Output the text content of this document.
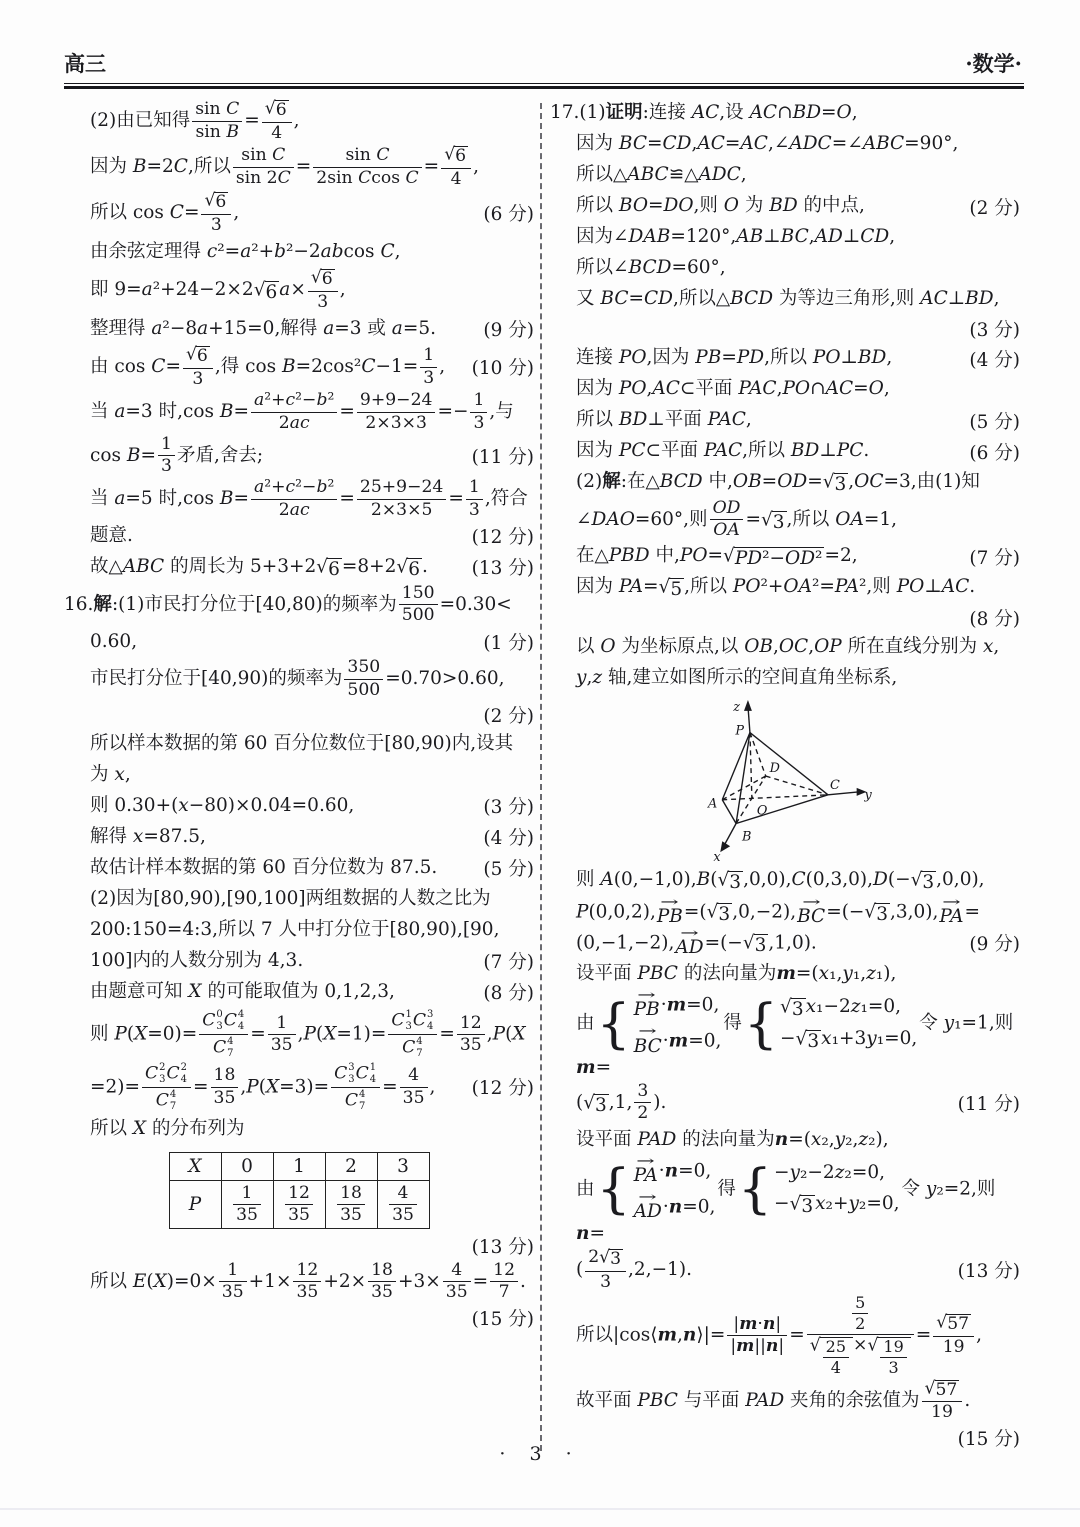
高三	·数学·
(2)由已知得 $\frac{\text{sin C}}{\text{sin B}} = \frac{√ 6}{4}$ ,
因为 B=2C,所以 $\frac{\text{sin C}}{\sin 2C} = \frac{\text{sin C}}{\text{2sin Ccos C}} = \frac{√ 6}{4}$ ,
所以 $\cos C= \frac{√ 6}{3}$ ,	(6 分)
由余弦定理得 c²=a²+b²−2abcos C,
即 9=a²+24−2×2 √ 6 $a\times \frac{√ 6}{3}$ ,
整理得 a²−8a+15=0,解得 a=3 或 a=5.	(9 分)
由 $\cos C= \frac{√ 6}{3}$ ,得 $\cos B=2\cos^2C-1= \frac{1}{3}$ ,	(10 分)
当 a=3 时,cos $B= \frac{\text{a²+c²−b²}}{2ac} = \frac{9+9-24}{2\times 3\times 3} =- \frac{1}{3}$ ,与
$\cos B= \frac{1}{3}$ 矛盾,舍去;	(11 分)
当 a=5 时,cos $B= \frac{\text{a²+c²−b²}}{2ac} = \frac{25+9-24}{2\times 3\times 5} = \frac{1}{3}$ ,符合
题意.	(12 分)
故△ABC 的周长为 5+3+2 √ 6 =8+2 √ 6 .	(13 分)
16.解:(1)市民打分位于[40,80)的频率为 $\frac{150}{500} =0.30<$
0.60,	(1 分)
市民打分位于[40,90)的频率为 $\frac{350}{500} =0.70>0.60$,
(2 分)
所以样本数据的第 60 百分位数位于[80,90)内,设其
为 x,
则 0.30+(x−80)×0.04=0.60,	(3 分)
解得 x=87.5,	(4 分)
故估计样本数据的第 60 百分位数为 87.5.	(5 分)
(2)因为[80,90),[90,100]两组数据的人数之比为
200:150=4:3,所以 7 人中打分位于[80,90),[90,
100]内的人数分别为 4,3.	(7 分)
由题意可知 X 的可能取值为 0,1,2,3,	(8 分)
则 P(X=0)= C 0
3 C 4
4
C 4
$7 = \frac{1}{35} ,P(X=1)= C$ 1
3 C 3
4
C 4
$7 = \frac{12}{35} ,P(X$
=2)= C 2
3 C 2
4
C 4
$7 = \frac{18}{35} ,P(X=3)= C$ 3
3 C 1
4
C 4
$7 = \frac{4}{35}$ ,	(12 分)
所以 X 的分布列为
X	0	1	2	3
P	$\frac{1}{35}$	$\frac{12}{35}$	$\frac{18}{35}$	$\frac{4}{35}$
(13 分)
所以 $E(X)=0\times \frac{1}{35} +1\times \frac{12}{35} +2\times \frac{18}{35} +3\times \frac{4}{35} = \frac{12}{7}$ .
(15 分)
17.(1)证明:连接 AC,设 AC∩BD=O,
因为 BC=CD,AC=AC,∠ADC=∠ABC=90°,
所以△ABC≌△ADC,
所以 BO=DO,则 O 为 BD 的中点,	(2 分)
因为∠DAB=120°,AB⊥BC,AD⊥CD,
所以∠BCD=60°,
又 BC=CD,所以△BCD 为等边三角形,则 AC⊥BD,
(3 分)
连接 PO,因为 PB=PD,所以 PO⊥BD,	(4 分)
因为 PO,AC⊂平面 PAC,PO∩AC=O,
所以 BD⊥平面 PAC,	(5 分)
因为 PC⊂平面 PAC,所以 BD⊥PC.	(6 分)
(2)解:在△BCD 中,OB=OD= √ 3 ,OC=3,由(1)知
∠DAO=60°,则 $\frac{OD}{OA}$ = √ 3 ,所以 OA=1,
在△PBD 中,PO= √ PD²−OD² =2,	(7 分)
因为 PA= √ 5 ,所以 PO²+OA²=PA²,则 PO⊥AC.
(8 分)
以 O 为坐标原点,以 OB,OC,OP 所在直线分别为 x,
y,z 轴,建立如图所示的空间直角坐标系,
z
P
D
A	O
B
C
y
x
则 A(0,−1,0),B( √ 3 ,0,0),C(0,3,0),D(− √ 3 ,0,0),
P(0,0,2), →
PB =( √ 3 ,0,−2), →
BC =(− √ 3 ,3,0), →
PA =
(0,−1,−2), →
AD =(− √ 3 ,1,0).	(9 分)
设平面 PBC 的法向量为m=(x₁,y₁,z₁),
由 { →
PB ·m=0,
→
BC ·m=0,
得 { √ 3 x₁−2z₁=0,
− √ 3 x₁+3y₁=0,
令 y₁=1,则m=
( √ 3 ,1, $\frac{3}{2}$ ).	(11 分)
设平面 PAD 的法向量为n=(x₂,y₂,z₂),
由 { →
PA ·n=0,
→
AD ·n=0,
得 { −y₂−2z₂=0,
− √ 3 x₂+y₂=0,
令 y₂=2,则n=
( $\frac{2 √ 3}{3} ,2,-1$).	(13 分)
所以|cos⟨m,n⟩|= $\frac{|m\cdot n|}{|m||n|} = \frac{\frac{5}{2}}{√ \frac{25}{4} \times √ \frac{19}{3}} = \frac{√ 57}{19}$ ,
故平面 PBC 与平面 PAD 夹角的余弦值为 $\frac{√ 57}{19}$ .
(15 分)
· 3 ·
